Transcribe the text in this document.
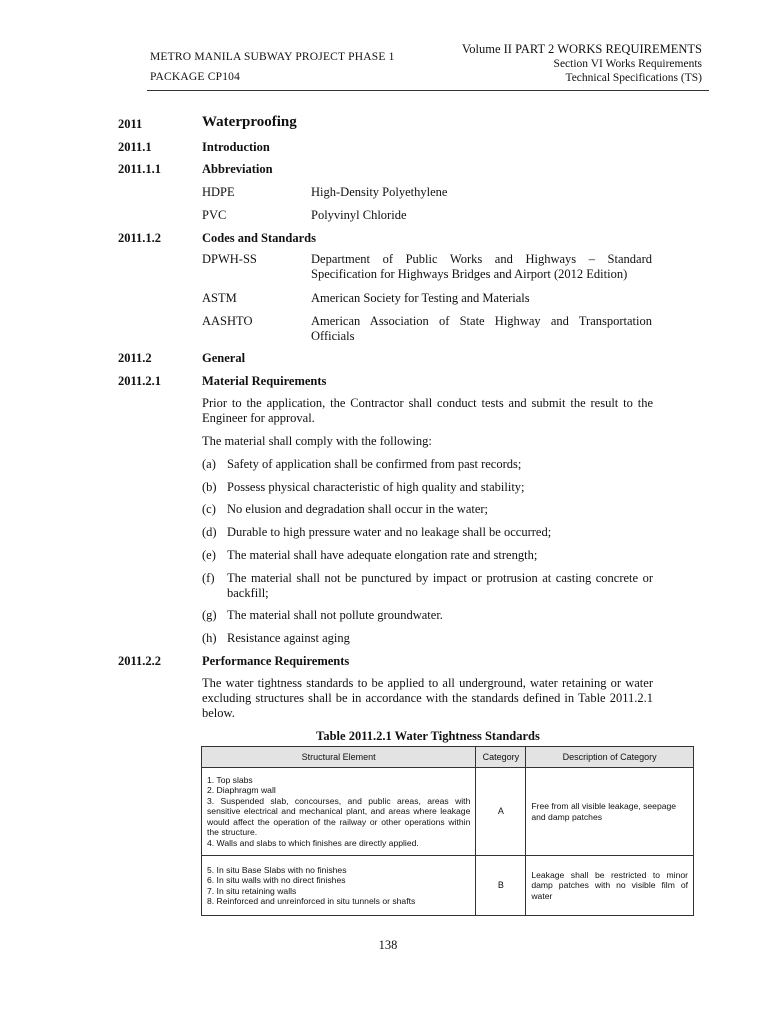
METRO MANILA SUBWAY PROJECT PHASE 1
PACKAGE CP104
Volume II PART 2 WORKS REQUIREMENTS
Section VI Works Requirements
Technical Specifications (TS)
2011	Waterproofing
2011.1	Introduction
2011.1.1	Abbreviation
HDPE	High-Density Polyethylene
PVC	Polyvinyl Chloride
2011.1.2	Codes and Standards
DPWH-SS	Department of Public Works and Highways – Standard Specification for Highways Bridges and Airport (2012 Edition)
ASTM	American Society for Testing and Materials
AASHTO	American Association of State Highway and Transportation Officials
2011.2	General
2011.2.1	Material Requirements
Prior to the application, the Contractor shall conduct tests and submit the result to the Engineer for approval.
The material shall comply with the following:
(a) Safety of application shall be confirmed from past records;
(b) Possess physical characteristic of high quality and stability;
(c) No elusion and degradation shall occur in the water;
(d) Durable to high pressure water and no leakage shall be occurred;
(e) The material shall have adequate elongation rate and strength;
(f) The material shall not be punctured by impact or protrusion at casting concrete or backfill;
(g) The material shall not pollute groundwater.
(h) Resistance against aging
2011.2.2	Performance Requirements
The water tightness standards to be applied to all underground, water retaining or water excluding structures shall be in accordance with the standards defined in Table 2011.2.1 below.
Table 2011.2.1 Water Tightness Standards
Structural Element	Category	Description of Category

1. Top slabs
2. Diaphragm wall
3. Suspended slab, concourses, and public areas, areas with sensitive electrical and mechanical plant, and areas where leakage would affect the operation of the railway or other operations within the structure.
4. Walls and slabs to which finishes are directly applied.	A	Free from all visible leakage, seepage and damp patches

5. In situ Base Slabs with no finishes
6. In situ walls with no direct finishes
7. In situ retaining walls
8. Reinforced and unreinforced in situ tunnels or shafts	B	Leakage shall be restricted to minor damp patches with no visible film of water
138
